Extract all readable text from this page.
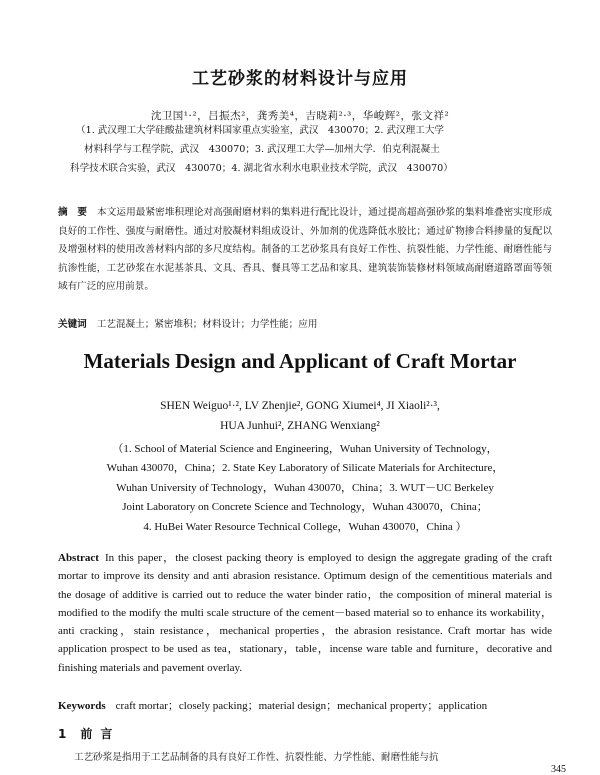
工艺砂浆的材料设计与应用
沈卫国¹·²，吕振杰²，龚秀美⁴，吉晓莉²·³，华峻辉²，张文祥²
（1. 武汉理工大学硅酸盐建筑材料国家重点实验室，武汉　430070；2. 武汉理工大学
材料科学与工程学院，武汉　430070；3. 武汉理工大学—加州大学．伯克利混凝土
科学技术联合实验，武汉　430070；4. 湖北省水利水电职业技术学院，武汉　430070）
摘　要 本文运用最紧密堆积理论对高强耐磨材料的集料进行配比设计，通过提高超高强砂浆的集料堆叠密实度形成良好的工作性、强度与耐磨性。通过对胶凝材料组成设计、外加剂的优选降低水胶比；通过矿物掺合料掺量的复配以及增强材料的使用改善材料内部的多尺度结构。制备的工艺砂浆具有良好工作性、抗裂性能、力学性能、耐磨性能与抗渗性能，工艺砂浆在水泥基茶具、文具、香具、餐具等工艺品和家具、建筑装饰装修材料领域高耐磨道路罩面等领域有广泛的应用前景。
关键词 工艺混凝土；紧密堆积；材料设计；力学性能；应用
Materials Design and Applicant of Craft Mortar
SHEN Weiguo¹·², LV Zhenjie², GONG Xiumei⁴, JI Xiaoli²·³,
HUA Junhui², ZHANG Wenxiang²
（1. School of Material Science and Engineering，Wuhan University of Technology，
Wuhan 430070，China；2. State Key Laboratory of Silicate Materials for Architecture，
Wuhan University of Technology，Wuhan 430070，China；3. WUT－UC Berkeley
Joint Laboratory on Concrete Science and Technology，Wuhan 430070，China；
4. HuBei Water Resource Technical College，Wuhan 430070，China ）
Abstract In this paper，the closest packing theory is employed to design the aggregate grading of the craft mortar to improve its density and anti abrasion resistance. Optimum design of the cementitious materials and the dosage of additive is carried out to reduce the water binder ratio，the composition of mineral material is modified to the modify the multi scale structure of the cement－based material so to enhance its workability，anti cracking，stain resistance，mechanical properties，the abrasion resistance. Craft mortar has wide application prospect to be used as tea，stationary，table，incense ware table and furniture，decorative and finishing materials and pavement overlay.
Keywords craft mortar；closely packing；material design；mechanical property；application
1 前言
工艺砂浆是指用于工艺品制备的具有良好工作性、抗裂性能、力学性能、耐磨性能与抗
345
